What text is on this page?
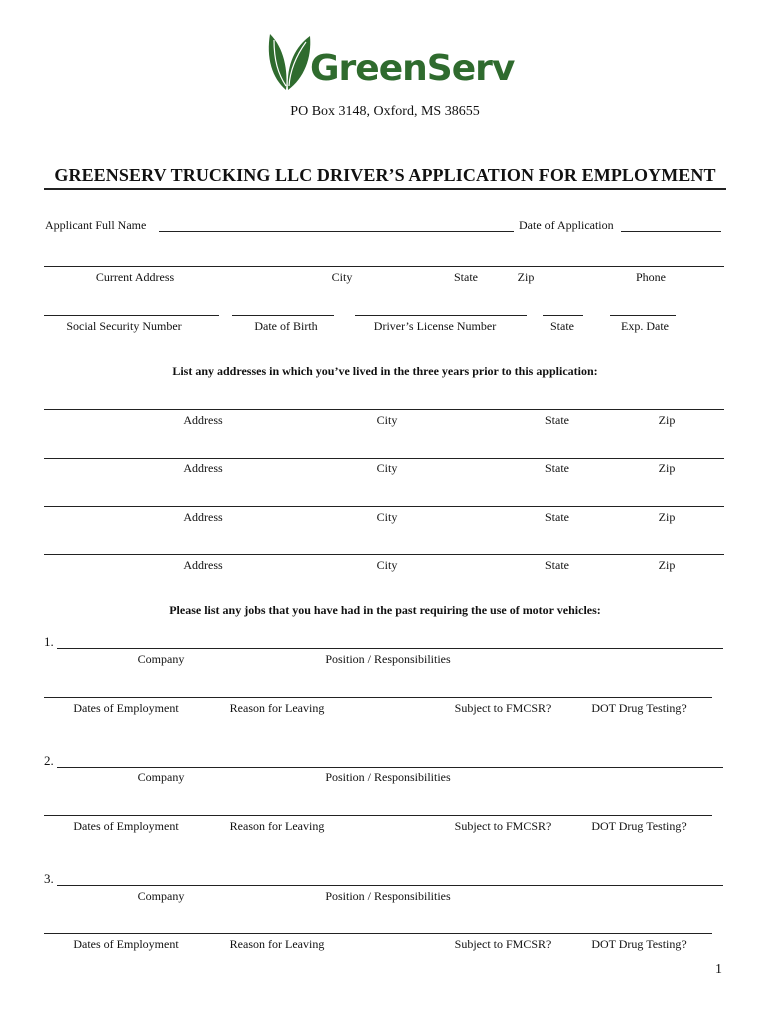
GreenServ
PO Box 3148, Oxford, MS 38655
GREENSERV TRUCKING LLC DRIVER’S APPLICATION FOR EMPLOYMENT
Applicant Full Name	Date of Application
Current Address	City	State	Zip	Phone
Social Security Number	Date of Birth	Driver’s License Number	State	Exp. Date
List any addresses in which you’ve lived in the three years prior to this application:
Address	City	State	Zip
Address	City	State	Zip
Address	City	State	Zip
Address	City	State	Zip
Please list any jobs that you have had in the past requiring the use of motor vehicles:
1.
Company	Position / Responsibilities
Dates of Employment	Reason for Leaving	Subject to FMCSR?	DOT Drug Testing?
2.
Company	Position / Responsibilities
Dates of Employment	Reason for Leaving	Subject to FMCSR?	DOT Drug Testing?
3.
Company	Position / Responsibilities
Dates of Employment	Reason for Leaving	Subject to FMCSR?	DOT Drug Testing?
1
